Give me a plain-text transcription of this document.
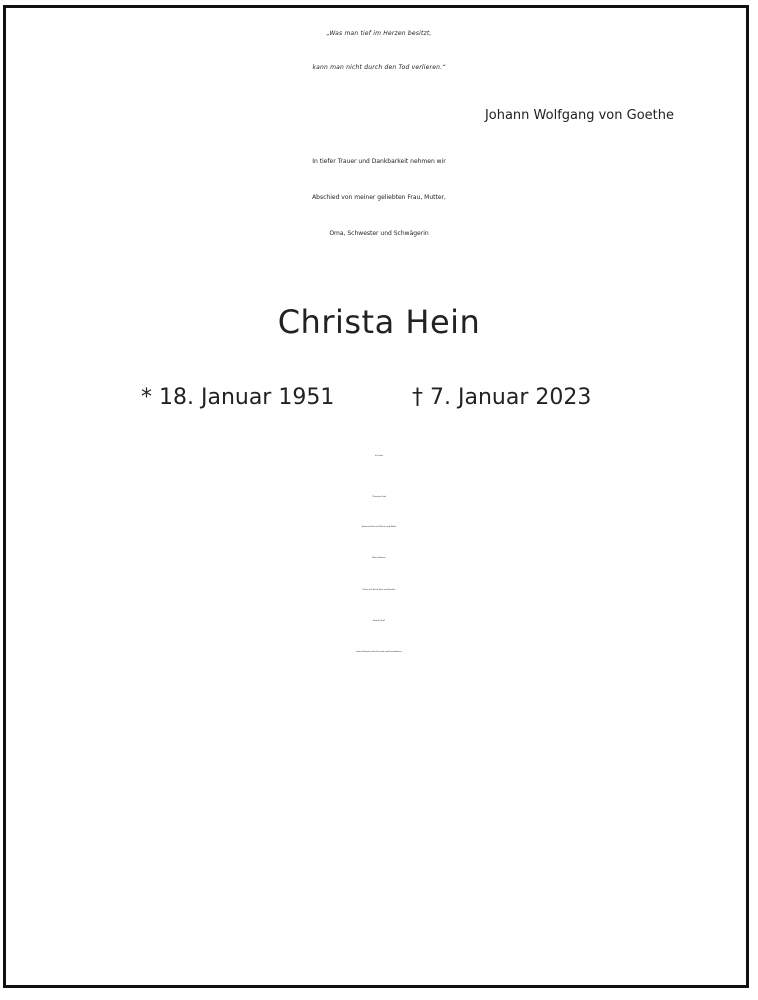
„Was man tief im Herzen besitzt,

kann man nicht durch den Tod verlieren.“

Johann Wolfgang von Goethe

In tiefer Trauer und Dankbarkeit nehmen wir

Abschied von meiner geliebten Frau, Mutter,

Oma, Schwester und Schwägerin

Christa Hein

* 18. Januar 1951	† 7. Januar 2023

In Liebe

Christian Graf

Johanna Hein mit Moritz und Malte

Marc Gawens

Peter und Petra Hein und Familie

Familie Graf

und im Namen aller Freunde und Freundinnen
